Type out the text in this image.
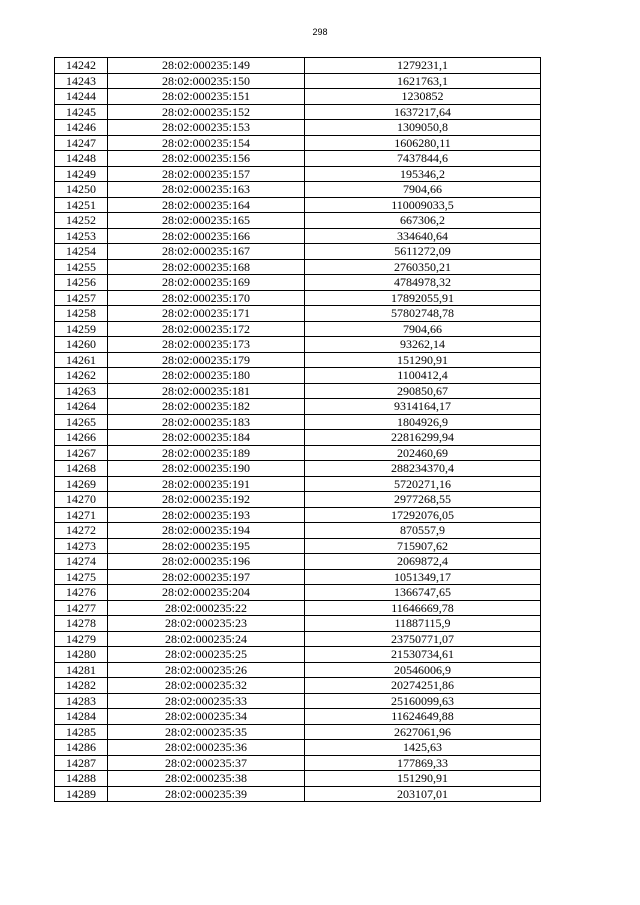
298
14242	28:02:000235:149	1279231,1
14243	28:02:000235:150	1621763,1
14244	28:02:000235:151	1230852
14245	28:02:000235:152	1637217,64
14246	28:02:000235:153	1309050,8
14247	28:02:000235:154	1606280,11
14248	28:02:000235:156	7437844,6
14249	28:02:000235:157	195346,2
14250	28:02:000235:163	7904,66
14251	28:02:000235:164	110009033,5
14252	28:02:000235:165	667306,2
14253	28:02:000235:166	334640,64
14254	28:02:000235:167	5611272,09
14255	28:02:000235:168	2760350,21
14256	28:02:000235:169	4784978,32
14257	28:02:000235:170	17892055,91
14258	28:02:000235:171	57802748,78
14259	28:02:000235:172	7904,66
14260	28:02:000235:173	93262,14
14261	28:02:000235:179	151290,91
14262	28:02:000235:180	1100412,4
14263	28:02:000235:181	290850,67
14264	28:02:000235:182	9314164,17
14265	28:02:000235:183	1804926,9
14266	28:02:000235:184	22816299,94
14267	28:02:000235:189	202460,69
14268	28:02:000235:190	288234370,4
14269	28:02:000235:191	5720271,16
14270	28:02:000235:192	2977268,55
14271	28:02:000235:193	17292076,05
14272	28:02:000235:194	870557,9
14273	28:02:000235:195	715907,62
14274	28:02:000235:196	2069872,4
14275	28:02:000235:197	1051349,17
14276	28:02:000235:204	1366747,65
14277	28:02:000235:22	11646669,78
14278	28:02:000235:23	11887115,9
14279	28:02:000235:24	23750771,07
14280	28:02:000235:25	21530734,61
14281	28:02:000235:26	20546006,9
14282	28:02:000235:32	20274251,86
14283	28:02:000235:33	25160099,63
14284	28:02:000235:34	11624649,88
14285	28:02:000235:35	2627061,96
14286	28:02:000235:36	1425,63
14287	28:02:000235:37	177869,33
14288	28:02:000235:38	151290,91
14289	28:02:000235:39	203107,01
